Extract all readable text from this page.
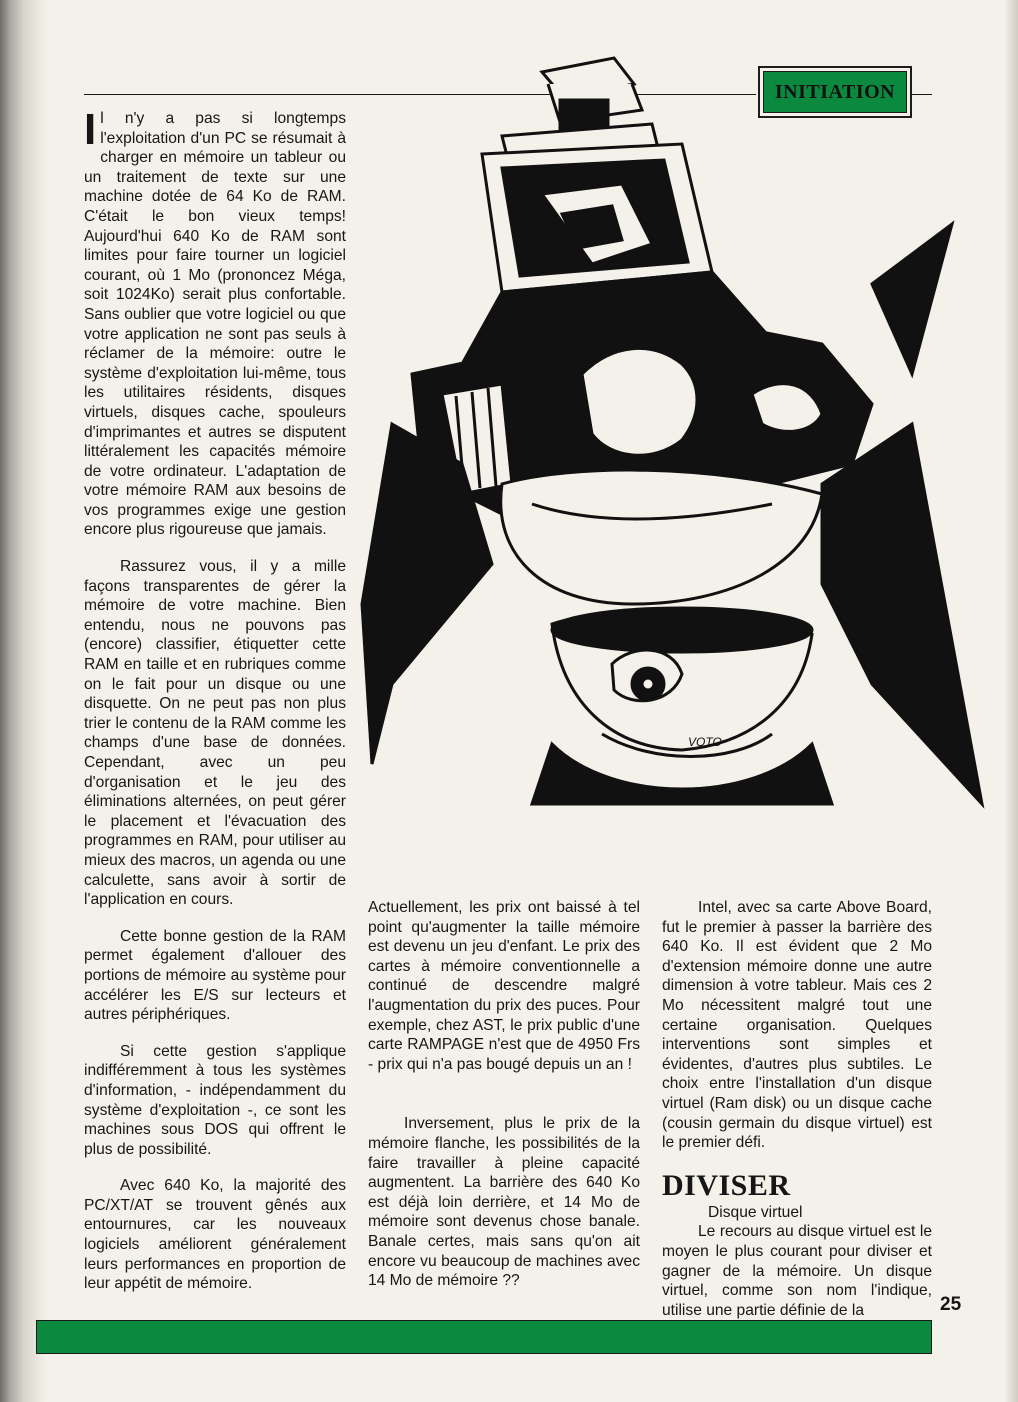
INITIATION
VOTO

Il n'y a pas si longtemps l'exploitation d'un PC se résumait à charger en mémoire un tableur ou un traitement de texte sur une machine dotée de 64 Ko de RAM. C'était le bon vieux temps! Aujourd'hui 640 Ko de RAM sont limites pour faire tourner un logiciel courant, où 1 Mo (prononcez Méga, soit 1024Ko) serait plus confortable. Sans oublier que votre logiciel ou que votre application ne sont pas seuls à réclamer de la mémoire: outre le système d'exploitation lui-même, tous les utilitaires résidents, disques virtuels, disques cache, spouleurs d'imprimantes et autres se disputent littéralement les capacités mémoire de votre ordinateur. L'adaptation de votre mémoire RAM aux besoins de vos programmes exige une gestion encore plus rigoureuse que jamais.

Rassurez vous, il y a mille façons transparentes de gérer la mémoire de votre machine. Bien entendu, nous ne pouvons pas (encore) classifier, étiquetter cette RAM en taille et en rubriques comme on le fait pour un disque ou une disquette. On ne peut pas non plus trier le contenu de la RAM comme les champs d'une base de données. Cependant, avec un peu d'organisation et le jeu des éliminations alternées, on peut gérer le placement et l'évacuation des programmes en RAM, pour utiliser au mieux des macros, un agenda ou une calculette, sans avoir à sortir de l'application en cours.

Cette bonne gestion de la RAM permet également d'allouer des portions de mémoire au système pour accélérer les E/S sur lecteurs et autres périphériques.

Si cette gestion s'applique indifféremment à tous les systèmes d'information, - indépendamment du système d'exploitation -, ce sont les machines sous DOS qui offrent le plus de possibilité.

Avec 640 Ko, la majorité des PC/XT/AT se trouvent gênés aux entournures, car les nouveaux logiciels améliorent généralement leurs performances en proportion de leur appétit de mémoire.

Actuellement, les prix ont baissé à tel point qu'augmenter la taille mémoire est devenu un jeu d'enfant. Le prix des cartes à mémoire conventionnelle a continué de descendre malgré l'augmentation du prix des puces. Pour exemple, chez AST, le prix public d'une carte RAMPAGE n'est que de 4950 Frs - prix qui n'a pas bougé depuis un an !

Inversement, plus le prix de la mémoire flanche, les possibilités de la faire travailler à pleine capacité augmentent. La barrière des 640 Ko est déjà loin derrière, et 14 Mo de mémoire sont devenus chose banale. Banale certes, mais sans qu'on ait encore vu beaucoup de machines avec 14 Mo de mémoire ??

Intel, avec sa carte Above Board, fut le premier à passer la barrière des 640 Ko. Il est évident que 2 Mo d'extension mémoire donne une autre dimension à votre tableur. Mais ces 2 Mo nécessitent malgré tout une certaine organisation. Quelques interventions sont simples et évidentes, d'autres plus subtiles. Le choix entre l'installation d'un disque virtuel (Ram disk) ou un disque cache (cousin germain du disque virtuel) est le premier défi.

DIVISER

Disque virtuel

Le recours au disque virtuel est le moyen le plus courant pour diviser et gagner de la mémoire. Un disque virtuel, comme son nom l'indique, utilise une partie définie de la	25
